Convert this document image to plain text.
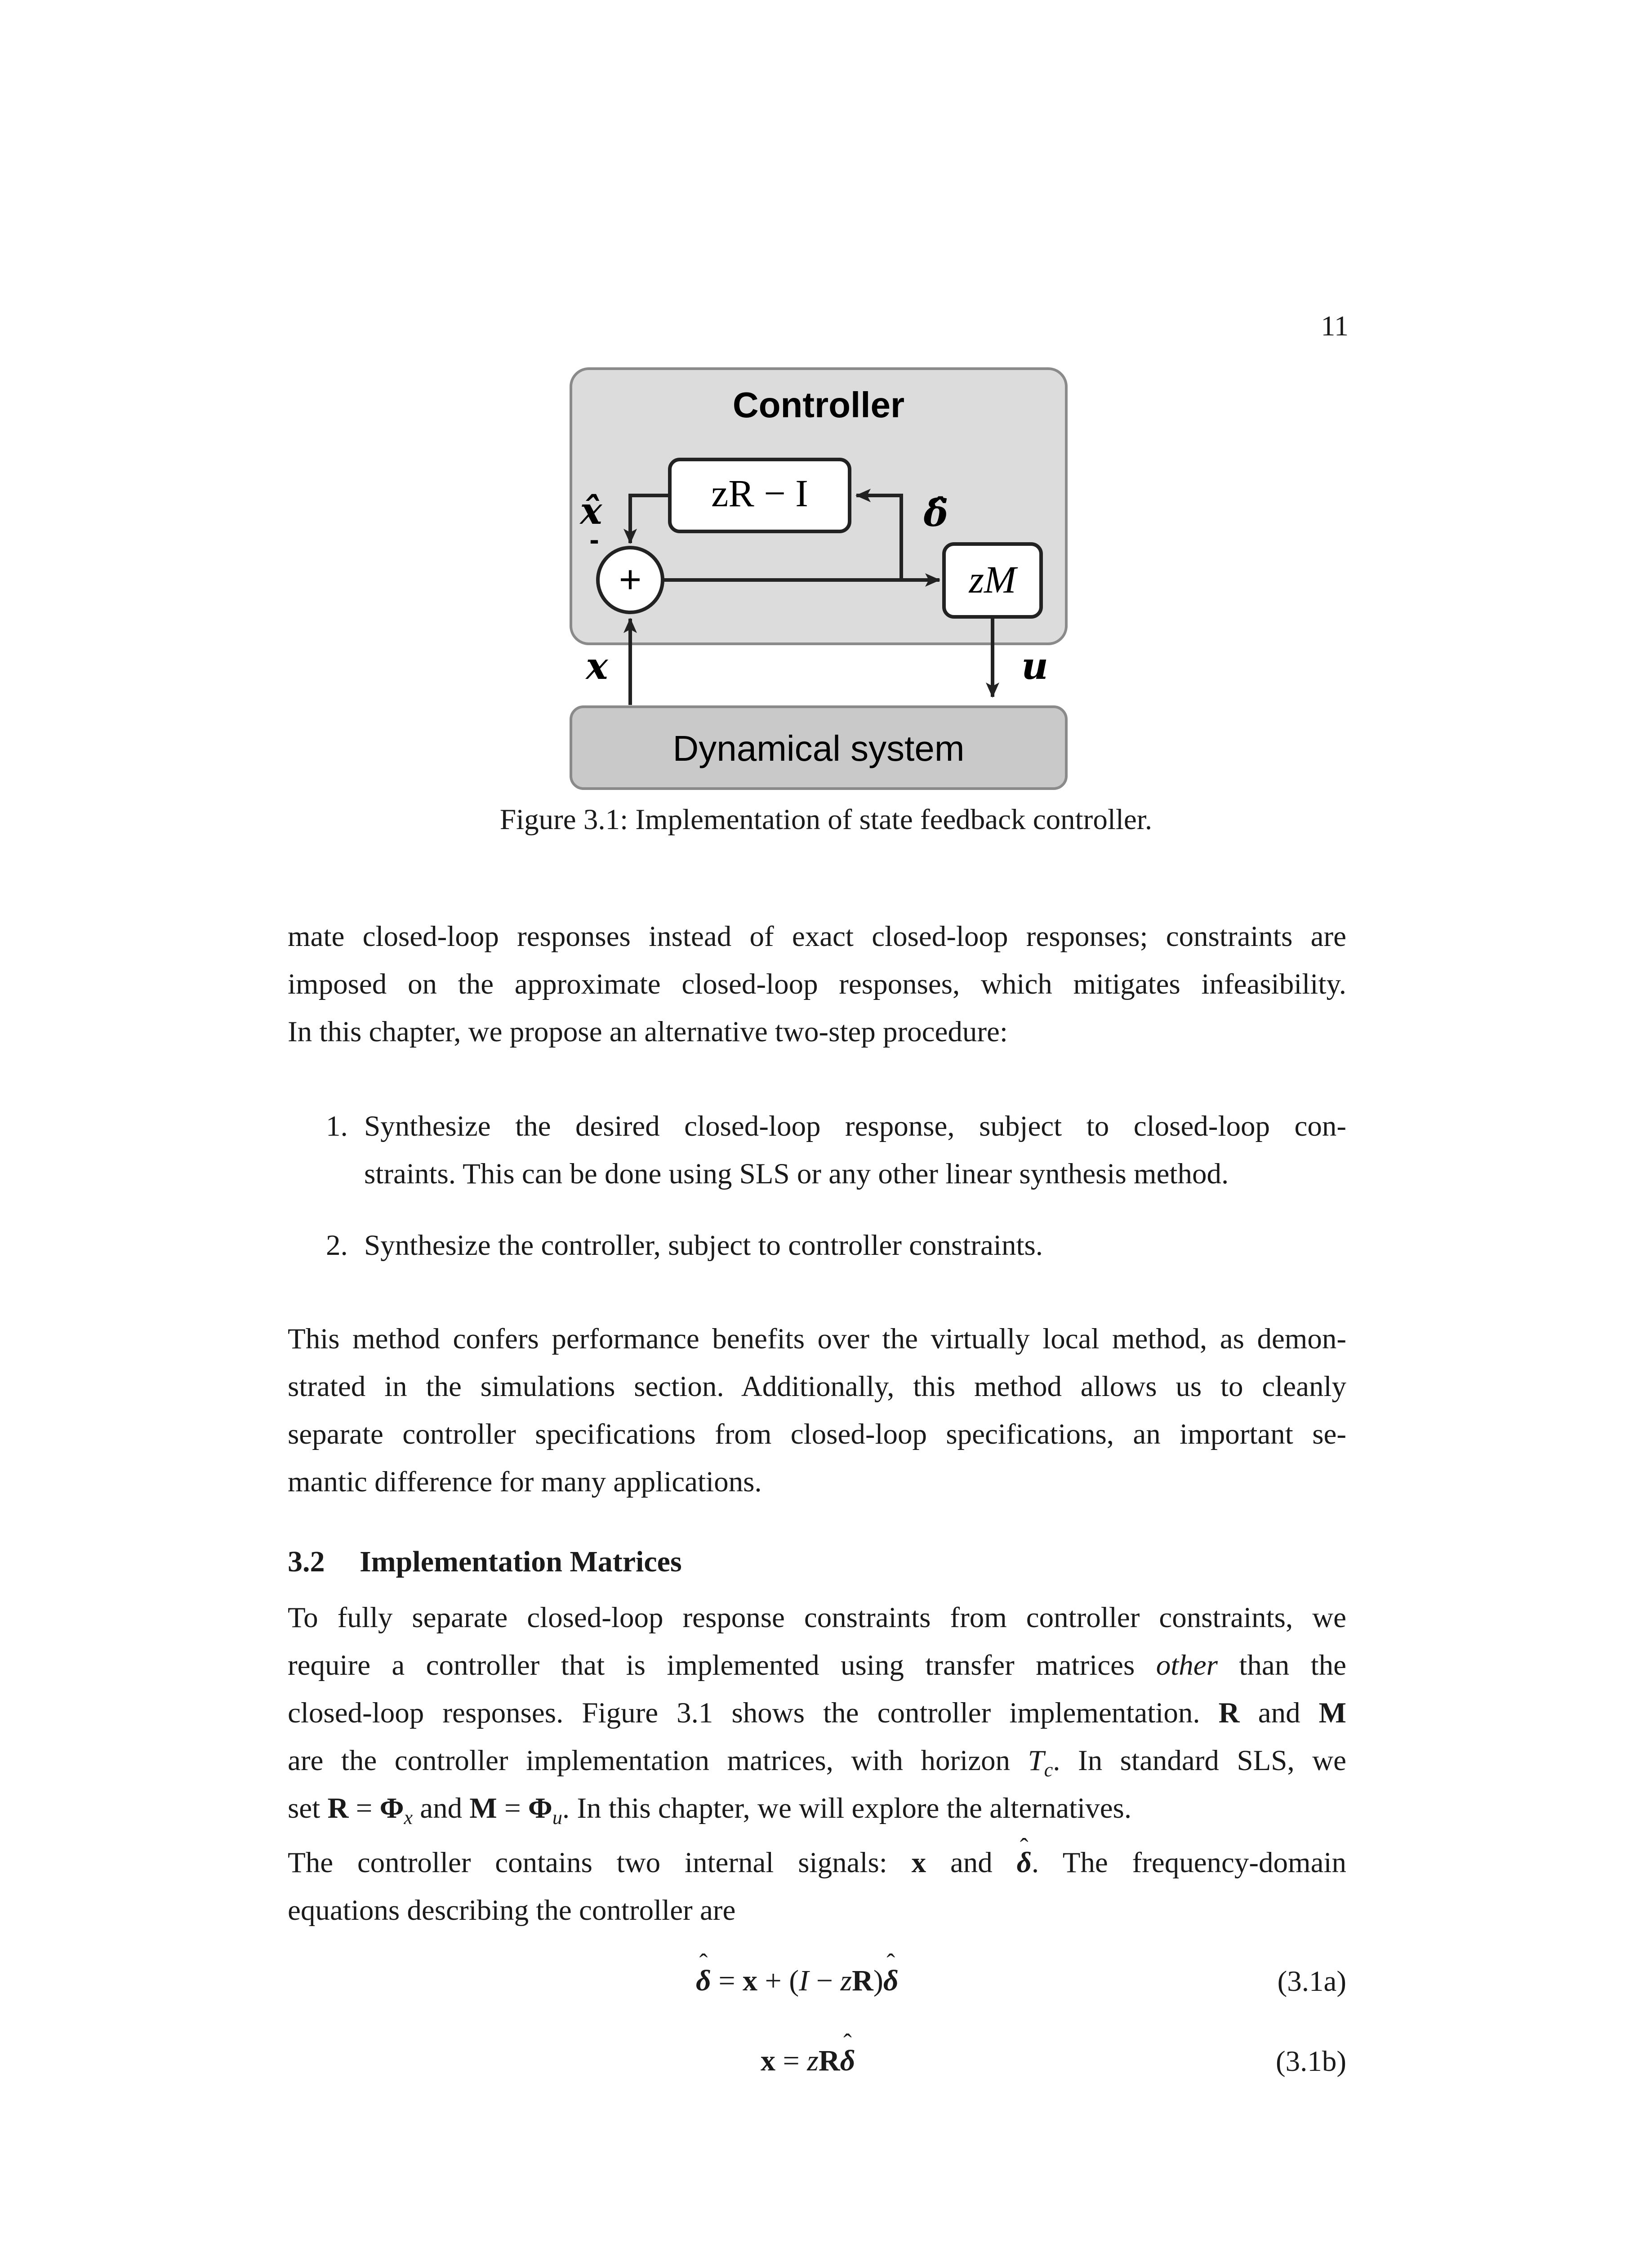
11
Controller
zR − I
zM
+
x̂
-
δ̂
x	u
Dynamical system
Figure 3.1: Implementation of state feedback controller.
mate closed-loop responses instead of exact closed-loop responses; constraints are
imposed on the approximate closed-loop responses, which mitigates infeasibility.
In this chapter, we propose an alternative two-step procedure:
1. Synthesize the desired closed-loop response, subject to closed-loop con-
straints. This can be done using SLS or any other linear synthesis method.
2. Synthesize the controller, subject to controller constraints.
This method confers performance benefits over the virtually local method, as demon-
strated in the simulations section. Additionally, this method allows us to cleanly
separate controller specifications from closed-loop specifications, an important se-
mantic difference for many applications.
3.2 Implementation Matrices
To fully separate closed-loop response constraints from controller constraints, we
require a controller that is implemented using transfer matrices other than the
closed-loop responses. Figure 3.1 shows the controller implementation. R and M
are the controller implementation matrices, with horizon $T_c$. In standard SLS, we
set $R = \Phi_x$ and $M = \Phi_u$. In this chapter, we will explore the alternatives.
The controller contains two internal signals: x and ˆ δ. The frequency-domain
equations describing the controller are
ˆ δ = x + (I − zR)ˆ δ	(3.1a)
x = zRˆ δ	(3.1b)
